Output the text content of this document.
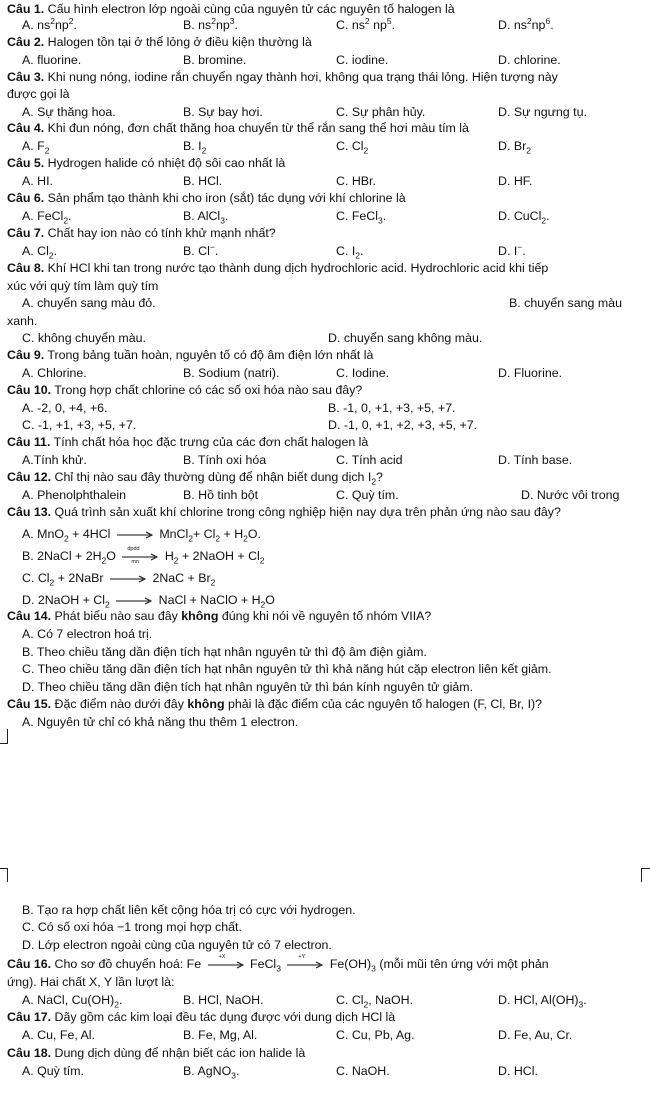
Câu 1. Cấu hình electron lớp ngoài cùng của nguyên tử các nguyên tố halogen là
A. $ns^2np^2$.	B. $ns^2np^3$.	C. $ns^2$ $np^5$.	D. $ns^2np^6$.
Câu 2. Halogen tồn tại ở thể lỏng ở điều kiện thường là
A. fluorine.	B. bromine.	C. iodine.	D. chlorine.
Câu 3. Khi nung nóng, iodine rắn chuyển ngay thành hơi, không qua trạng thái lỏng. Hiện tượng này
được gọi là
A. Sự thăng hoa.	B. Sự bay hơi.	C. Sự phân hủy.	D. Sự ngưng tụ.
Câu 4. Khi đun nóng, đơn chất thăng hoa chuyển từ thể rắn sang thể hơi màu tím là
A. $F_2$	B. $I_2$	C. $Cl_2$	D. $Br_2$
Câu 5. Hydrogen halide có nhiệt độ sôi cao nhất là
A. HI.	B. HCl.	C. HBr.	D. HF.
Câu 6. Sản phẩm tạo thành khi cho iron (sắt) tác dụng với khí chlorine là
A. FeCl$_2$.	B. AlCl$_3$.	C. FeCl$_3$.	D. CuCl$_2$.
Câu 7. Chất hay ion nào có tính khử mạnh nhất?
A. $Cl_2$.	B. Cl−.	C. $I_2$.	D. I−.
Câu 8. Khí HCl khi tan trong nước tạo thành dung dịch hydrochloric acid. Hydrochloric acid khi tiếp
xúc với quỳ tím làm quỳ tím
A. chuyển sang màu đỏ.	B. chuyển sang màu
xanh.
C. không chuyển màu.	D. chuyển sang không màu.
Câu 9. Trong bảng tuần hoàn, nguyên tố có độ âm điện lớn nhất là
A. Chlorine.	B. Sodium (natri).	C. Iodine.	D. Fluorine.
Câu 10. Trong hợp chất chlorine có các số oxi hóa nào sau đây?
A. -2, 0, +4, +6.	B. -1, 0, +1, +3, +5, +7.
C. -1, +1, +3, +5, +7.	D. -1, 0, +1, +2, +3, +5, +7.
Câu 11. Tính chất hóa học đặc trưng của các đơn chất halogen là
A.Tính khử.	B. Tính oxi hóa	C. Tính acid	D. Tính base.
Câu 12. Chỉ thị nào sau đây thường dùng để nhận biết dung dịch $I_2$?
A. Phenolphthalein	B. Hồ tinh bột	C. Quỳ tím.	D. Nước vôi trong
Câu 13. Quá trình sản xuất khí chlorine trong công nghiệp hiện nay dựa trên phản ứng nào sau đây?
A. MnO$_2$ + 4HCl	MnCl$_2$+ $Cl_2 + H_2O$.
B. 2NaCl + $2H_2O$
dpdd
mn $H_2$ + 2NaOH + $Cl_2$
C. $Cl_2$ + 2NaBr	$2NaC + Br_2$
D. 2NaOH + $Cl_2$	NaCl + NaClO + $H_2O$
Câu 14. Phát biểu nào sau đây không đúng khi nói về nguyên tố nhóm VIIA?
A. Có 7 electron hoá trị.
B. Theo chiều tăng dần điện tích hạt nhân nguyên tử thì độ âm điện giảm.
C. Theo chiều tăng dần điện tích hạt nhân nguyên tử thì khả năng hút cặp electron liên kết giảm.
D. Theo chiều tăng dần điện tích hạt nhân nguyên tử thì bán kính nguyên tử giảm.
Câu 15. Đặc điểm nào dưới đây không phải là đặc điểm của các nguyên tố halogen (F, Cl, Br, I)?
A. Nguyên tử chỉ có khả năng thu thêm 1 electron.
B. Tạo ra hợp chất liên kết cộng hóa trị có cực với hydrogen.
C. Có số oxi hóa −1 trong mọi hợp chất.
D. Lớp electron ngoài cùng của nguyên tử có 7 electron.
Câu 16. Cho sơ đồ chuyển hoá: Fe
+X
FeCl$_3$
+Y
$Fe(OH)_3$ (mỗi mũi tên ứng với một phản
ứng). Hai chất X, Y lần lượt là:
A. NaCl, $Cu(OH)_2$.	B. HCl, NaOH.	C. $Cl_2$, NaOH.	D. HCl, $Al(OH)_3$.
Câu 17. Dãy gồm các kim loại đều tác dụng được với dung dịch HCl là
A. Cu, Fe, Al.	B. Fe, Mg, Al.	C. Cu, Pb, Ag.	D. Fe, Au, Cr.
Câu 18. Dung dịch dùng để nhận biết các ion halide là
A. Quỳ tím.	B. AgNO$_3$.	C. NaOH.	D. HCl.
